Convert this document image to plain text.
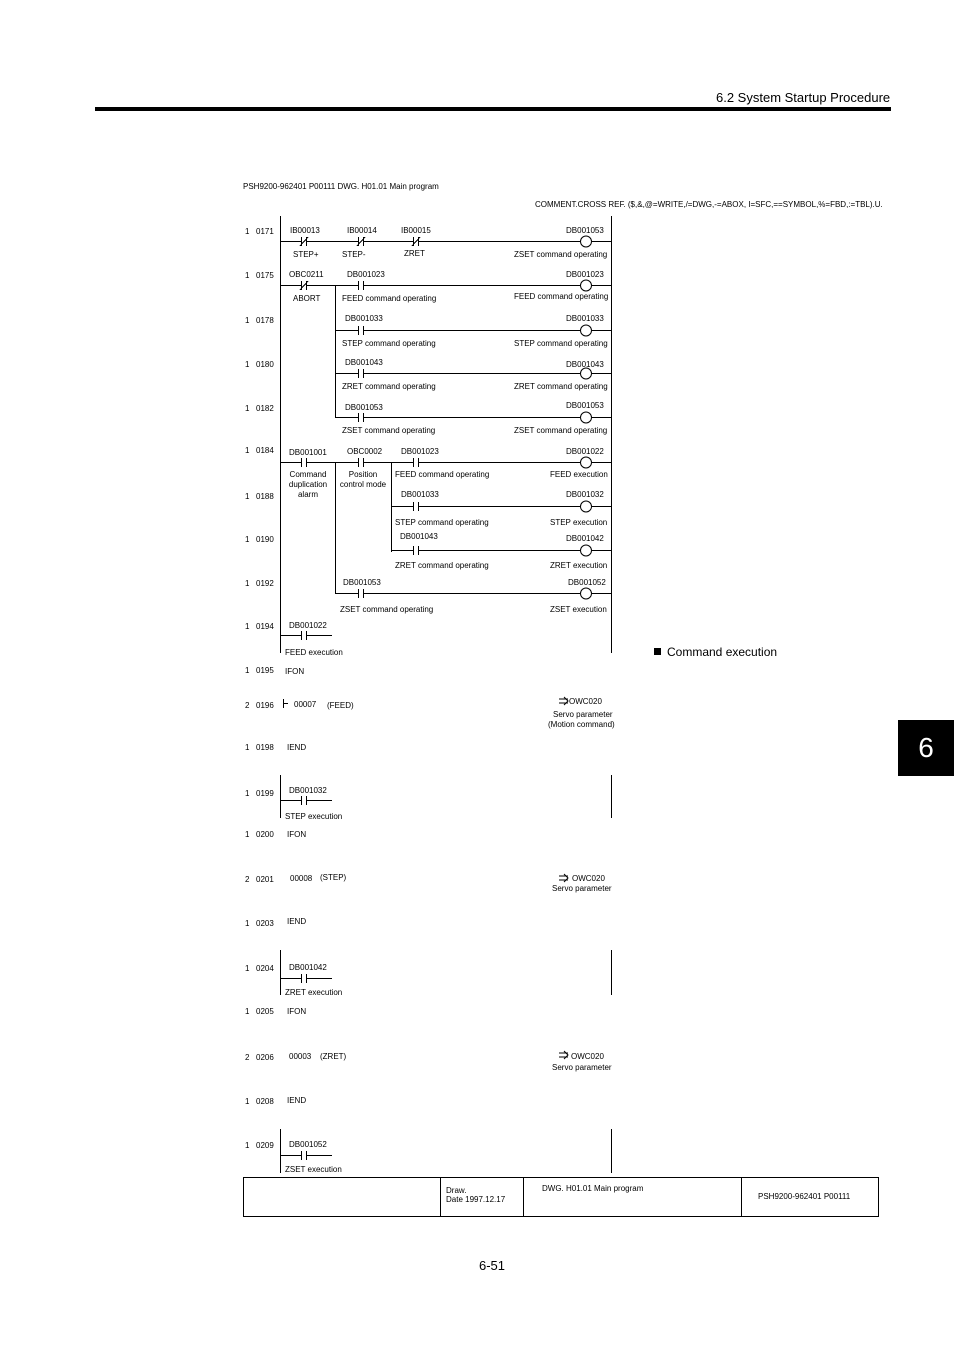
6.2 System Startup Procedure
PSH9200-962401 P00111 DWG. H01.01 Main program
COMMENT.CROSS REF. ($,&,@=WRITE,/=DWG,-=ABOX, I=SFC,==SYMBOL,%=FBD,:=TBL).U.
1 0171
1 0175
1 0178
1 0180
1 0182
1 0184
1 0188
1 0190
1 0192
1 0194
1 0195
2 0196
1 0198
1 0199
1 0200
2 0201
1 0203
1 0204
1 0205
2 0206
1 0208
1 0209
IB00013	IB00014	IB00015	DB001053
STEP+	STEP-	ZRET	ZSET command operating
OBC0211	DB001023	DB001023
ABORT	FEED command operating	FEED command operating
DB001033	DB001033
STEP command operating	STEP command operating
DB001043	DB001043
ZRET command operating	ZRET command operating
DB001053	DB001053
ZSET command operating	ZSET command operating
DB001001	OBC0002 DB001023	DB001022
FEED command operating	FEED execution
DB001033	DB001032
STEP command operating	STEP execution
DB001043	DB001042
ZRET command operating	ZRET execution
DB001053	DB001052
ZSET command operating	ZSET execution
DB001022
FEED execution
IFON
00007 (FEED)	OWC020
Servo parameter
(Motion command)
IEND
DB001032
STEP execution
IFON
00008 (STEP)	OWC020
Servo parameter
IEND
DB001042
ZRET execution
IFON
00003 (ZRET)	OWC020
Servo parameter
IEND
DB001052
ZSET execution
Command duplication alarm
Position control mode
Command execution
6
Draw.
Date 1997.12.17
DWG. H01.01 Main program
PSH9200-962401 P00111
6-51
